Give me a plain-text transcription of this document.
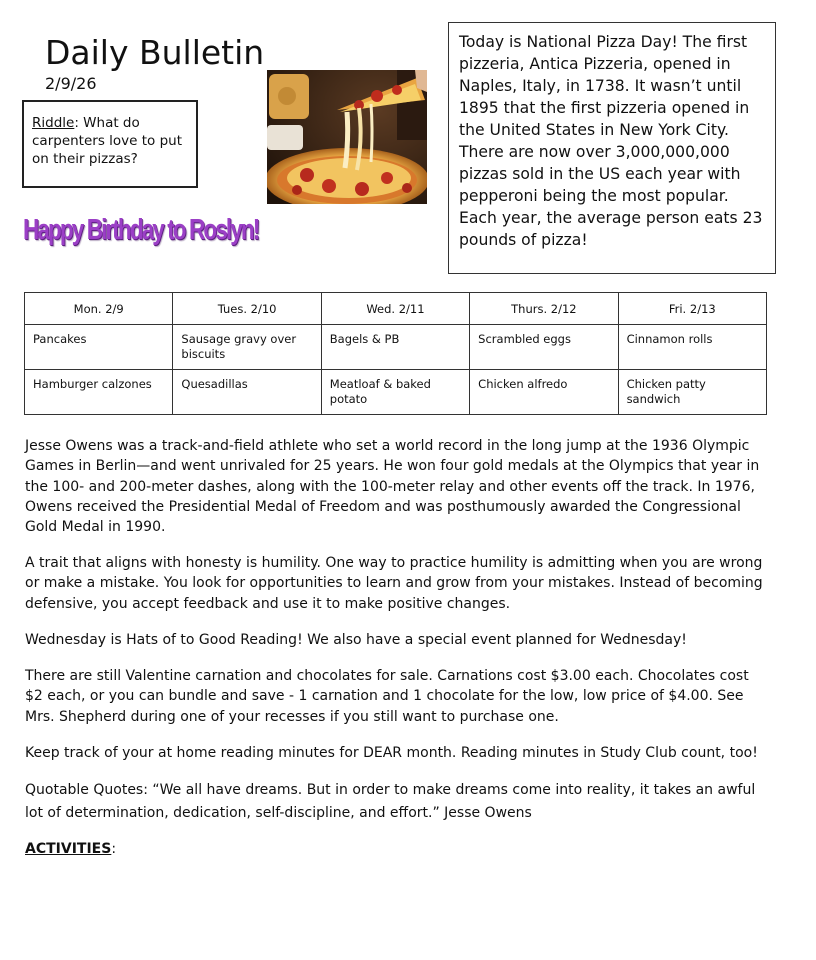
Daily Bulletin
2/9/26
Riddle: What do carpenters love to put on their pizzas?
Happy Birthday to Roslyn!
Today is National Pizza Day! The first pizzeria, Antica Pizzeria, opened in Naples, Italy, in 1738. It wasn’t until 1895 that the first pizzeria opened in the United States in New York City. There are now over 3,000,000,000 pizzas sold in the US each year with pepperoni being the most popular. Each year, the average person eats 23 pounds of pizza!
Mon. 2/9	Tues. 2/10	Wed. 2/11	Thurs. 2/12	Fri. 2/13
Pancakes	Sausage gravy over biscuits	Bagels & PB	Scrambled eggs	Cinnamon rolls
Hamburger calzones	Quesadillas	Meatloaf & baked potato	Chicken alfredo	Chicken patty sandwich
Jesse Owens was a track-and-field athlete who set a world record in the long jump at the 1936 Olympic Games in Berlin—and went unrivaled for 25 years. He won four gold medals at the Olympics that year in the 100- and 200-meter dashes, along with the 100-meter relay and other events off the track. In 1976, Owens received the Presidential Medal of Freedom and was posthumously awarded the Congressional Gold Medal in 1990.
A trait that aligns with honesty is humility. One way to practice humility is admitting when you are wrong or make a mistake. You look for opportunities to learn and grow from your mistakes. Instead of becoming defensive, you accept feedback and use it to make positive changes.
Wednesday is Hats of to Good Reading! We also have a special event planned for Wednesday!
There are still Valentine carnation and chocolates for sale. Carnations cost $3.00 each. Chocolates cost $2 each, or you can bundle and save - 1 carnation and 1 chocolate for the low, low price of $4.00. See Mrs. Shepherd during one of your recesses if you still want to purchase one.
Keep track of your at home reading minutes for DEAR month. Reading minutes in Study Club count, too!
Quotable Quotes: “We all have dreams. But in order to make dreams come into reality, it takes an awful lot of determination, dedication, self-discipline, and effort.” Jesse Owens
ACTIVITIES:
